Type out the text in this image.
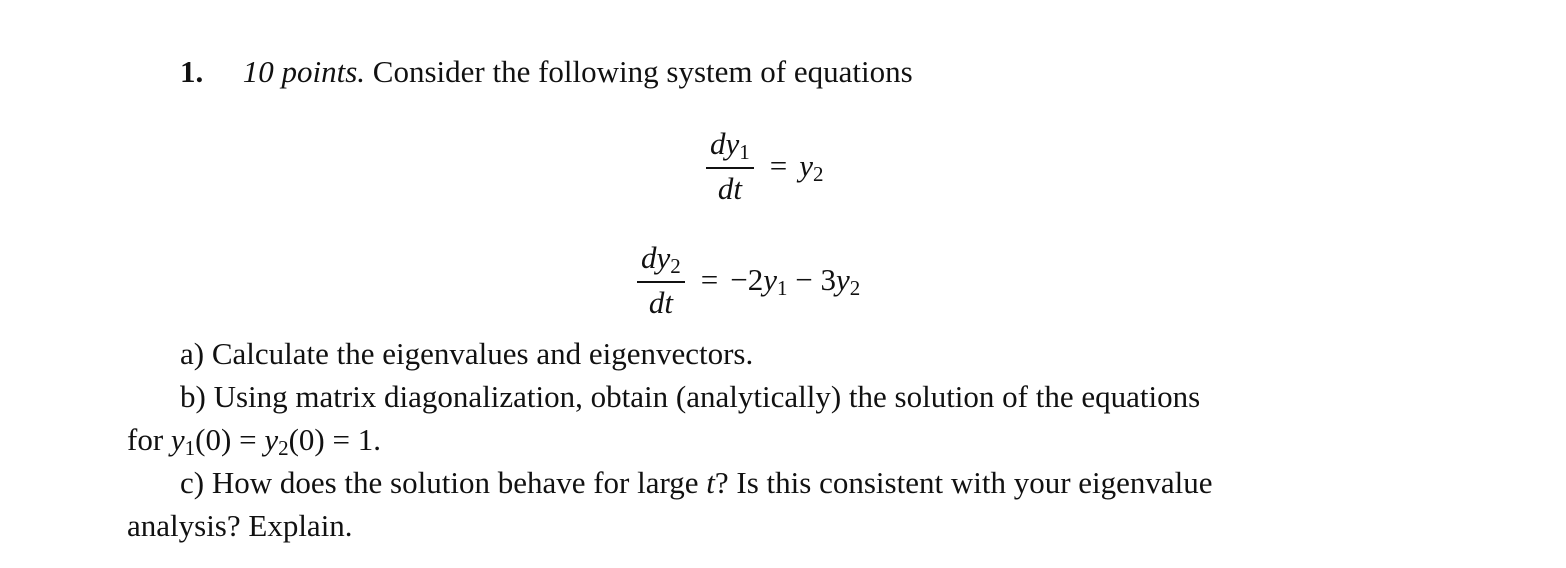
1. 10 points. Consider the following system of equations
$\frac{dy1}{dt} = y2$
$\frac{dy2}{dt} = -2y1 - 3y2$
a) Calculate the eigenvalues and eigenvectors.
b) Using matrix diagonalization, obtain (analytically) the solution of the equations
for y1(0) = y2(0) = 1.
c) How does the solution behave for large t? Is this consistent with your eigenvalue
analysis? Explain.
